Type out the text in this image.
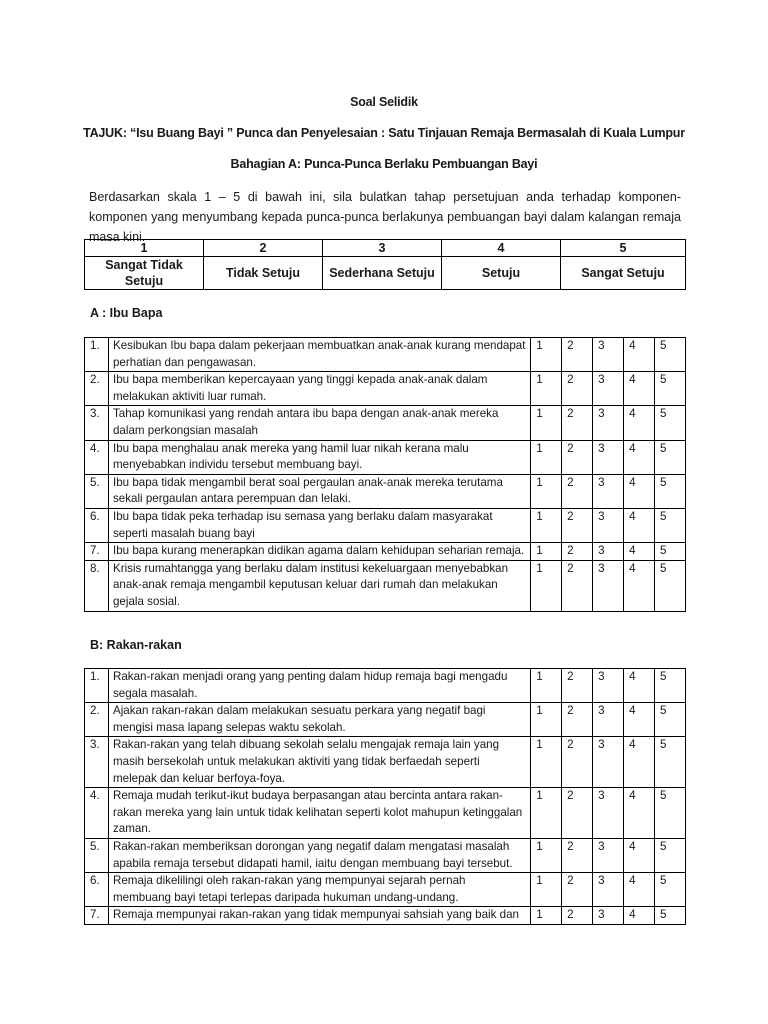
Soal Selidik
TAJUK: “Isu Buang Bayi ” Punca dan Penyelesaian : Satu Tinjauan Remaja Bermasalah di Kuala Lumpur
Bahagian A: Punca-Punca Berlaku Pembuangan Bayi
Berdasarkan skala 1 – 5 di bawah ini, sila bulatkan tahap persetujuan anda terhadap komponen-komponen yang menyumbang kepada punca-punca berlakunya pembuangan bayi dalam kalangan remaja masa kini.
1	2	3	4	5
Sangat Tidak Setuju	Tidak Setuju	Sederhana Setuju	Setuju	Sangat Setuju
A : Ibu Bapa
1.	Kesibukan Ibu bapa dalam pekerjaan membuatkan anak-anak kurang mendapat perhatian dan pengawasan.	1	2	3	4	5
2.	Ibu bapa memberikan kepercayaan yang tinggi kepada anak-anak dalam melakukan aktiviti luar rumah.	1	2	3	4	5
3.	Tahap komunikasi yang rendah antara ibu bapa dengan anak-anak mereka dalam perkongsian masalah	1	2	3	4	5
4.	Ibu bapa menghalau anak mereka yang hamil luar nikah kerana malu menyebabkan individu tersebut membuang bayi.	1	2	3	4	5
5.	Ibu bapa tidak mengambil berat soal pergaulan anak-anak mereka terutama sekali pergaulan antara perempuan dan lelaki.	1	2	3	4	5
6.	Ibu bapa tidak peka terhadap isu semasa yang berlaku dalam masyarakat seperti masalah buang bayi	1	2	3	4	5
7.	Ibu bapa kurang menerapkan didikan agama dalam kehidupan seharian remaja.	1	2	3	4	5
8.	Krisis rumahtangga yang berlaku dalam institusi kekeluargaan menyebabkan anak-anak remaja mengambil keputusan keluar dari rumah dan melakukan gejala sosial.	1	2	3	4	5
B: Rakan-rakan
1.	Rakan-rakan menjadi orang yang penting dalam hidup remaja bagi mengadu segala masalah.	1	2	3	4	5
2.	Ajakan rakan-rakan dalam melakukan sesuatu perkara yang negatif bagi mengisi masa lapang selepas waktu sekolah.	1	2	3	4	5
3.	Rakan-rakan yang telah dibuang sekolah selalu mengajak remaja lain yang masih bersekolah untuk melakukan aktiviti yang tidak berfaedah seperti melepak dan keluar berfoya-foya.	1	2	3	4	5
4.	Remaja mudah terikut-ikut budaya berpasangan atau bercinta antara rakan-rakan mereka yang lain untuk tidak kelihatan seperti kolot mahupun ketinggalan zaman.	1	2	3	4	5
5.	Rakan-rakan memberiksan dorongan yang negatif dalam mengatasi masalah apabila remaja tersebut didapati hamil, iaitu dengan membuang bayi tersebut.	1	2	3	4	5
6.	Remaja dikelilingi oleh rakan-rakan yang mempunyai sejarah pernah membuang bayi tetapi terlepas daripada hukuman undang-undang.	1	2	3	4	5
7.	Remaja mempunyai rakan-rakan yang tidak mempunyai sahsiah yang baik dan	1	2	3	4	5
